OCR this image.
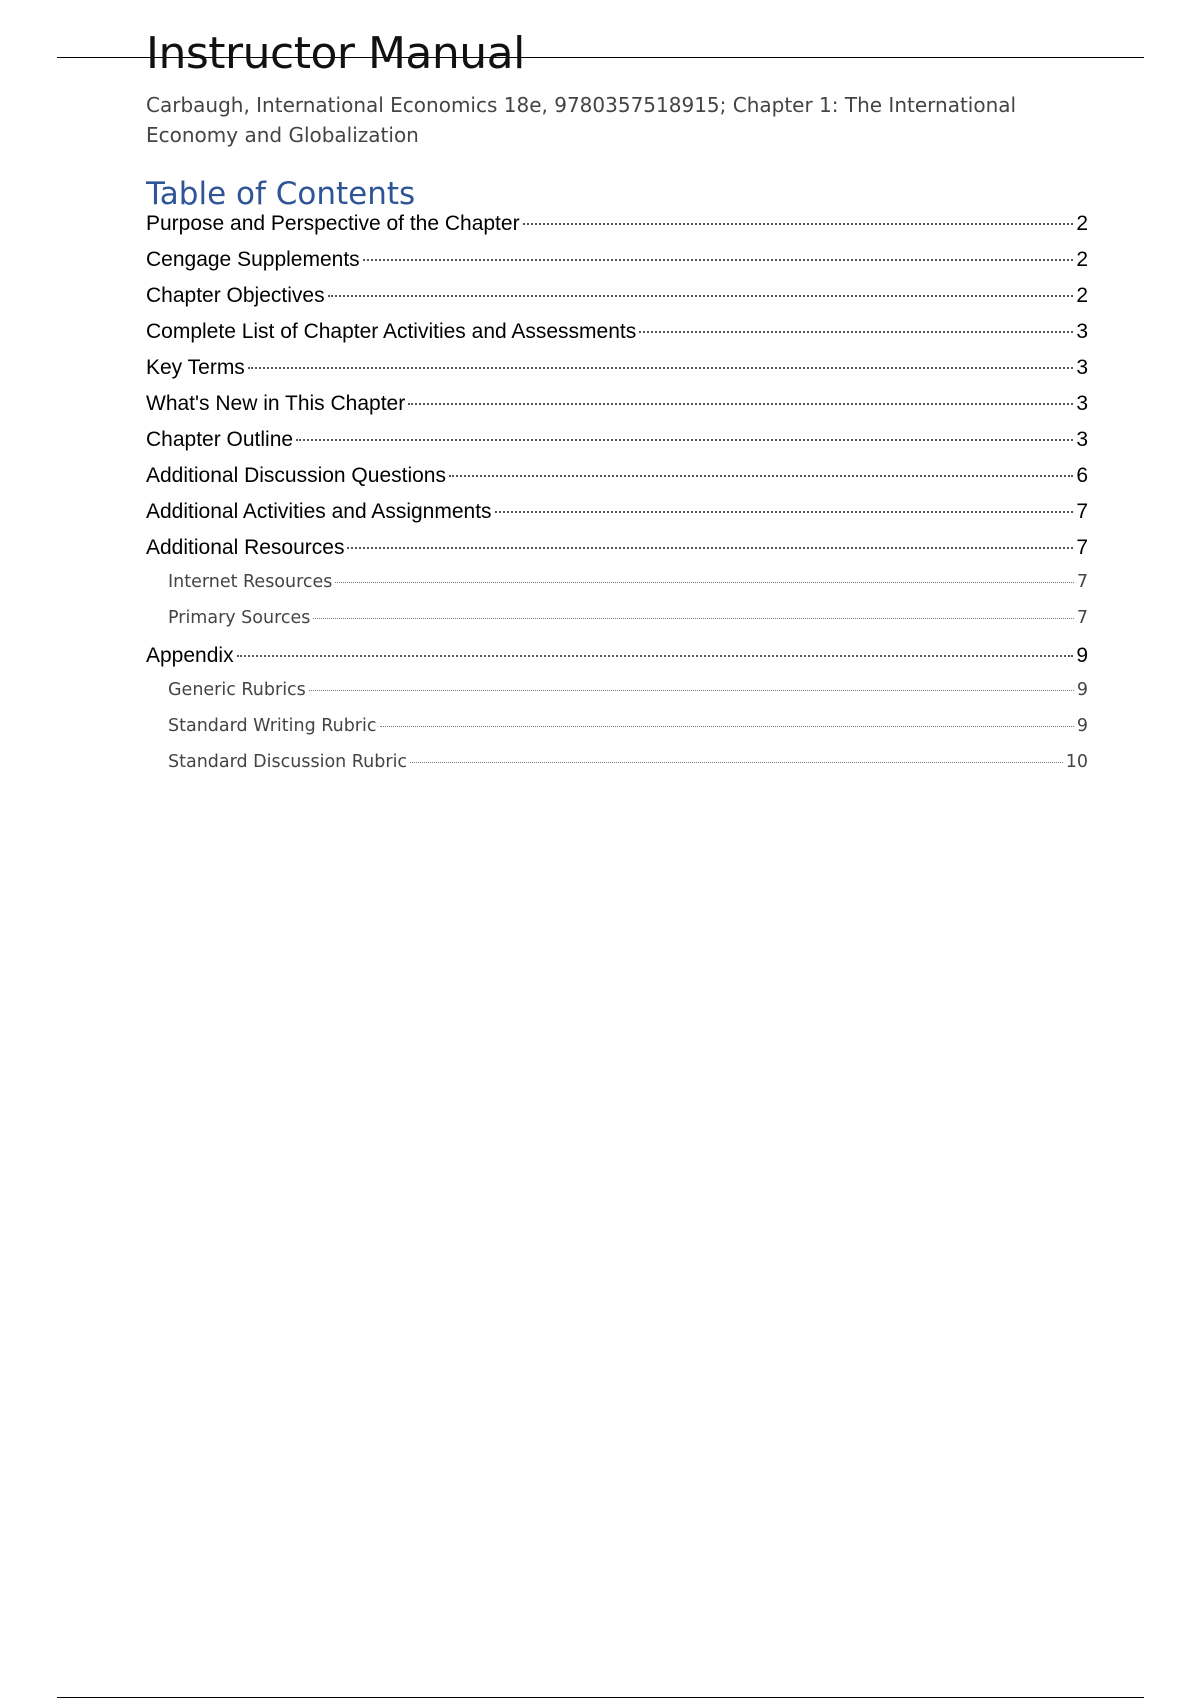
Instructor Manual
Carbaugh, International Economics 18e, 9780357518915; Chapter 1: The International Economy and Globalization
Table of Contents
Purpose and Perspective of the Chapter	2
Cengage Supplements	2
Chapter Objectives	2
Complete List of Chapter Activities and Assessments	3
Key Terms	3
What's New in This Chapter	3
Chapter Outline	3
Additional Discussion Questions	6
Additional Activities and Assignments	7
Additional Resources	7
Internet Resources	7
Primary Sources	7
Appendix	9
Generic Rubrics	9
Standard Writing Rubric	9
Standard Discussion Rubric	10
